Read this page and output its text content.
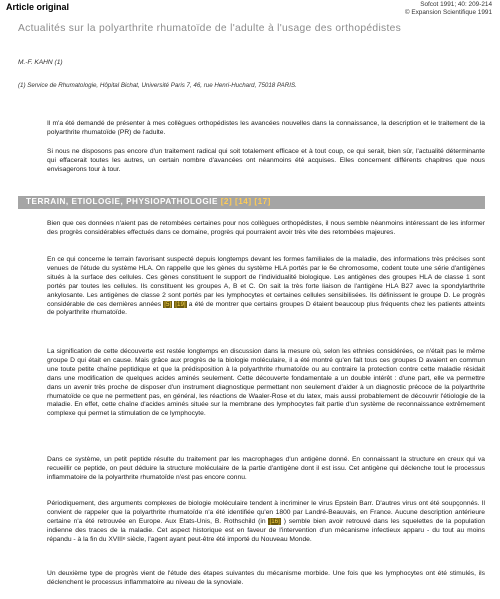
Article original	Sofcot 1991; 40: 209-214
© Expansion Scientifique 1991
Actualités sur la polyarthrite rhumatoïde de l'adulte à l'usage des orthopédistes
M.-F. KAHN (1)
(1) Service de Rhumatologie, Hôpital Bichat, Université Paris 7, 46, rue Henri-Huchard, 75018 PARIS.
Il m'a été demandé de présenter à mes collègues orthopédistes les avancées nouvelles dans la connaissance, la description et le traitement de la polyarthrite rhumatoïde (PR) de l'adulte.
Si nous ne disposons pas encore d'un traitement radical qui soit totalement efficace et à tout coup, ce qui serait, bien sûr, l'actualité déterminante qui effacerait toutes les autres, un certain nombre d'avancées ont néanmoins été acquises. Elles concernent différents chapitres que nous envisagerons tour à tour.
TERRAIN, ETIOLOGIE, PHYSIOPATHOLOGIE [2] [14] [17]
Bien que ces données n'aient pas de retombées certaines pour nos collègues orthopédistes, il nous semble néanmoins intéressant de les informer des progrès considérables effectués dans ce domaine, progrès qui pourraient avoir très vite des retombées majeures.
En ce qui concerne le terrain favorisant suspecté depuis longtemps devant les formes familiales de la maladie, des informations très précises sont venues de l'étude du système HLA. On rappelle que les gènes du système HLA portés par le 6e chromosome, codent toute une série d'antigènes situés à la surface des cellules. Ces gènes constituent le support de l'individualité biologique. Les antigènes des groupes HLA de classe 1 sont portés par toutes les cellules. Ils constituent les groupes A, B et C. On sait la très forte liaison de l'antigène HLA B27 avec la spondylarthrite ankylosante. Les antigènes de classe 2 sont portés par les lymphocytes et certaines cellules sensibilisées. Ils définissent le groupe D. Le progrès considérable de ces dernières années [5] [19] a été de montrer que certains groupes D étaient beaucoup plus fréquents chez les patients atteints de polyarthrite rhumatoïde.
La signification de cette découverte est restée longtemps en discussion dans la mesure où, selon les ethnies considérées, ce n'était pas le même groupe D qui était en cause. Mais grâce aux progrès de la biologie moléculaire, il a été montré qu'en fait tous ces groupes D avaient en commun une toute petite chaîne peptidique et que la prédisposition à la polyarthrite rhumatoïde ou au contraire la protection contre cette maladie résidait dans une modification de quelques acides aminés seulement. Cette découverte fondamentale a un double intérêt : d'une part, elle va permettre dans un avenir très proche de disposer d'un instrument diagnostique permettant non seulement d'aider à un diagnostic précoce de la polyarthrite rhumatoïde ce que ne permettent pas, en général, les réactions de Waaler-Rose et du latex, mais aussi probablement de découvrir l'étiologie de la maladie. En effet, cette chaîne d'acides aminés située sur la membrane des lymphocytes fait partie d'un système de reconnaissance extrêmement complexe qui permet la stimulation de ce lymphocyte.
Dans ce système, un petit peptide résulte du traitement par les macrophages d'un antigène donné. En connaissant la structure en creux qui va recueillir ce peptide, on peut déduire la structure moléculaire de la partie d'antigène dont il est issu. Cet antigène qui déclenche tout le processus inflammatoire de la polyarthrite rhumatoïde n'est pas encore connu.
Périodiquement, des arguments complexes de biologie moléculaire tendent à incriminer le virus Epstein Barr. D'autres virus ont été soupçonnés. Il convient de rappeler que la polyarthrite rhumatoïde n'a été identifiée qu'en 1800 par Landré-Beauvais, en France. Aucune description antérieure certaine n'a été retrouvée en Europe. Aux Etats-Unis, B. Rothschild (in [16] ) semble bien avoir retrouvé dans les squelettes de la population indienne des traces de la maladie. Cet aspect historique est en faveur de l'intervention d'un mécanisme infectieux apparu - du tout au moins répandu - à la fin du XVIIIᵉ siècle, l'agent ayant peut-être été importé du Nouveau Monde.
Un deuxième type de progrès vient de l'étude des étapes suivantes du mécanisme morbide. Une fois que les lymphocytes ont été stimulés, ils déclenchent le processus inflammatoire au niveau de la synoviale.
